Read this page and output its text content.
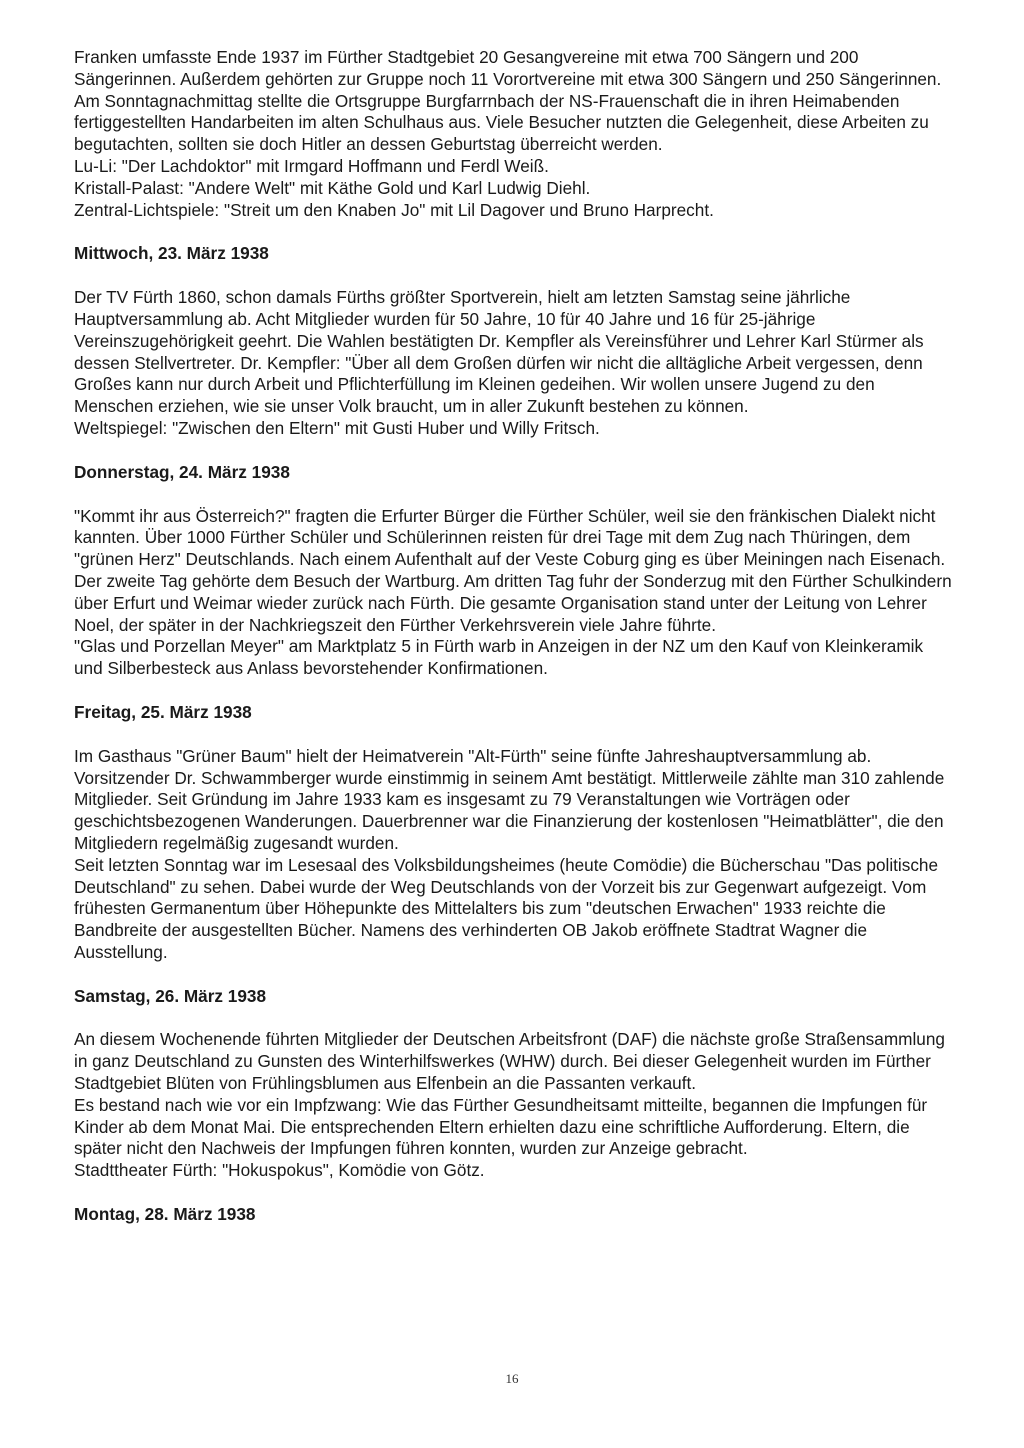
Franken umfasste Ende 1937 im Fürther Stadtgebiet 20 Gesangvereine mit etwa 700 Sängern und 200 Sängerinnen. Außerdem gehörten zur Gruppe noch 11 Vorortvereine mit etwa 300 Sängern und 250 Sängerinnen.

Am Sonntagnachmittag stellte die Ortsgruppe Burgfarrnbach der NS-Frauenschaft die in ihren Heimabenden fertiggestellten Handarbeiten im alten Schulhaus aus. Viele Besucher nutzten die Gelegenheit, diese Arbeiten zu begutachten, sollten sie doch Hitler an dessen Geburtstag überreicht werden.

Lu-Li: "Der Lachdoktor" mit Irmgard Hoffmann und Ferdl Weiß.

Kristall-Palast: "Andere Welt" mit Käthe Gold und Karl Ludwig Diehl.

Zentral-Lichtspiele: "Streit um den Knaben Jo" mit Lil Dagover und Bruno Harprecht.

Mittwoch, 23. März 1938

Der TV Fürth 1860, schon damals Fürths größter Sportverein, hielt am letzten Samstag seine jährliche Hauptversammlung ab. Acht Mitglieder wurden für 50 Jahre, 10 für 40 Jahre und 16 für 25-jährige Vereinszugehörigkeit geehrt. Die Wahlen bestätigten Dr. Kempfler als Vereinsführer und Lehrer Karl Stürmer als dessen Stellvertreter. Dr. Kempfler: "Über all dem Großen dürfen wir nicht die alltägliche Arbeit vergessen, denn Großes kann nur durch Arbeit und Pflichterfüllung im Kleinen gedeihen. Wir wollen unsere Jugend zu den Menschen erziehen, wie sie unser Volk braucht, um in aller Zukunft bestehen zu können.

Weltspiegel: "Zwischen den Eltern" mit Gusti Huber und Willy Fritsch.

Donnerstag, 24. März 1938

"Kommt ihr aus Österreich?" fragten die Erfurter Bürger die Fürther Schüler, weil sie den fränkischen Dialekt nicht kannten. Über 1000 Fürther Schüler und Schülerinnen reisten für drei Tage mit dem Zug nach Thüringen, dem "grünen Herz" Deutschlands. Nach einem Aufenthalt auf der Veste Coburg ging es über Meiningen nach Eisenach. Der zweite Tag gehörte dem Besuch der Wartburg. Am dritten Tag fuhr der Sonderzug mit den Fürther Schulkindern über Erfurt und Weimar wieder zurück nach Fürth. Die gesamte Organisation stand unter der Leitung von Lehrer Noel, der später in der Nachkriegszeit den Fürther Verkehrsverein viele Jahre führte.

"Glas und Porzellan Meyer" am Marktplatz 5 in Fürth warb in Anzeigen in der NZ um den Kauf von Kleinkeramik und Silberbesteck aus Anlass bevorstehender Konfirmationen.

Freitag, 25. März 1938

Im Gasthaus "Grüner Baum" hielt der Heimatverein "Alt-Fürth" seine fünfte Jahreshauptversammlung ab. Vorsitzender Dr. Schwammberger wurde einstimmig in seinem Amt bestätigt. Mittlerweile zählte man 310 zahlende Mitglieder. Seit Gründung im Jahre 1933 kam es insgesamt zu 79 Veranstaltungen wie Vorträgen oder geschichtsbezogenen Wanderungen. Dauerbrenner war die Finanzierung der kostenlosen "Heimatblätter", die den Mitgliedern regelmäßig zugesandt wurden.

Seit letzten Sonntag war im Lesesaal des Volksbildungsheimes (heute Comödie) die Bücherschau "Das politische Deutschland" zu sehen. Dabei wurde der Weg Deutschlands von der Vorzeit bis zur Gegenwart aufgezeigt. Vom frühesten Germanentum über Höhepunkte des Mittelalters bis zum "deutschen Erwachen" 1933 reichte die Bandbreite der ausgestellten Bücher. Namens des verhinderten OB Jakob eröffnete Stadtrat Wagner die Ausstellung.

Samstag, 26. März 1938

An diesem Wochenende führten Mitglieder der Deutschen Arbeitsfront (DAF) die nächste große Straßensammlung in ganz Deutschland zu Gunsten des Winterhilfswerkes (WHW) durch. Bei dieser Gelegenheit wurden im Fürther Stadtgebiet Blüten von Frühlingsblumen aus Elfenbein an die Passanten verkauft.

Es bestand nach wie vor ein Impfzwang: Wie das Fürther Gesundheitsamt mitteilte, begannen die Impfungen für Kinder ab dem Monat Mai. Die entsprechenden Eltern erhielten dazu eine schriftliche Aufforderung. Eltern, die später nicht den Nachweis der Impfungen führen konnten, wurden zur Anzeige gebracht.

Stadttheater Fürth: "Hokuspokus", Komödie von Götz.

Montag, 28. März 1938

16
